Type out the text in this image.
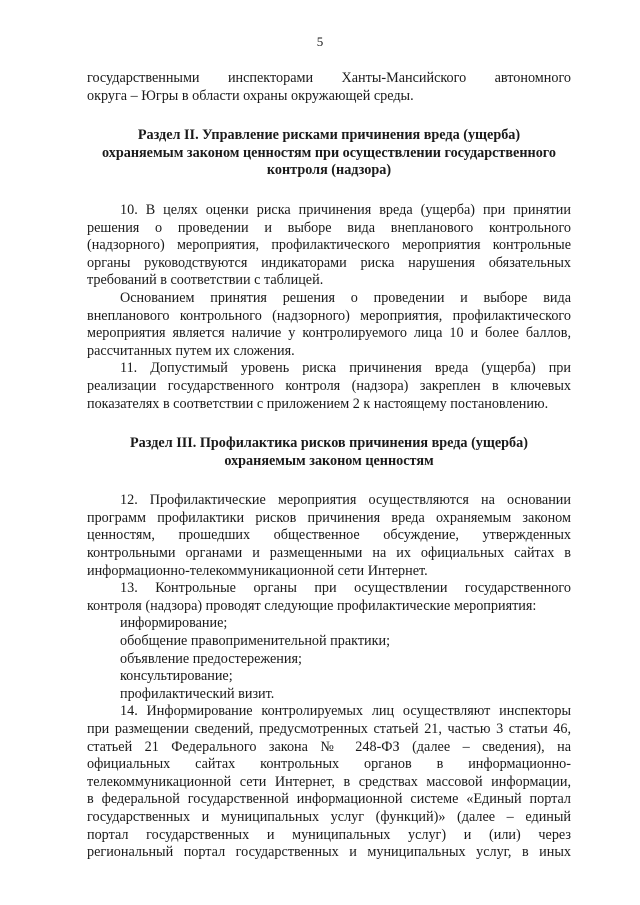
5

государственными инспекторами Ханты-Мансийского автономного

округа – Югры в области охраны окружающей среды.

Раздел II. Управление рисками причинения вреда (ущерба)

охраняемым законом ценностям при осуществлении государственного

контроля (надзора)

10. В целях оценки риска причинения вреда (ущерба) при принятии

решения о проведении и выборе вида внепланового контрольного

(надзорного) мероприятия, профилактического мероприятия контрольные

органы руководствуются индикаторами риска нарушения обязательных

требований в соответствии с таблицей.

Основанием принятия решения о проведении и выборе вида

внепланового контрольного (надзорного) мероприятия, профилактического

мероприятия является наличие у контролируемого лица 10 и более баллов,

рассчитанных путем их сложения.

11. Допустимый уровень риска причинения вреда (ущерба) при

реализации государственного контроля (надзора) закреплен в ключевых

показателях в соответствии с приложением 2 к настоящему постановлению.

Раздел III. Профилактика рисков причинения вреда (ущерба)

охраняемым законом ценностям

12. Профилактические мероприятия осуществляются на основании

программ профилактики рисков причинения вреда охраняемым законом

ценностям, прошедших общественное обсуждение, утвержденных

контрольными органами и размещенными на их официальных сайтах в

информационно-телекоммуникационной сети Интернет.

13. Контрольные органы при осуществлении государственного

контроля (надзора) проводят следующие профилактические мероприятия:

информирование;

обобщение правоприменительной практики;

объявление предостережения;

консультирование;

профилактический визит.

14. Информирование контролируемых лиц осуществляют инспекторы

при размещении сведений, предусмотренных статьей 21, частью 3 статьи 46,

статьей 21 Федерального закона № 248-ФЗ (далее – сведения), на

официальных сайтах контрольных органов в информационно-

телекоммуникационной сети Интернет, в средствах массовой информации,

в федеральной государственной информационной системе «Единый портал

государственных и муниципальных услуг (функций)» (далее – единый

портал государственных и муниципальных услуг) и (или) через

региональный портал государственных и муниципальных услуг, в иных
